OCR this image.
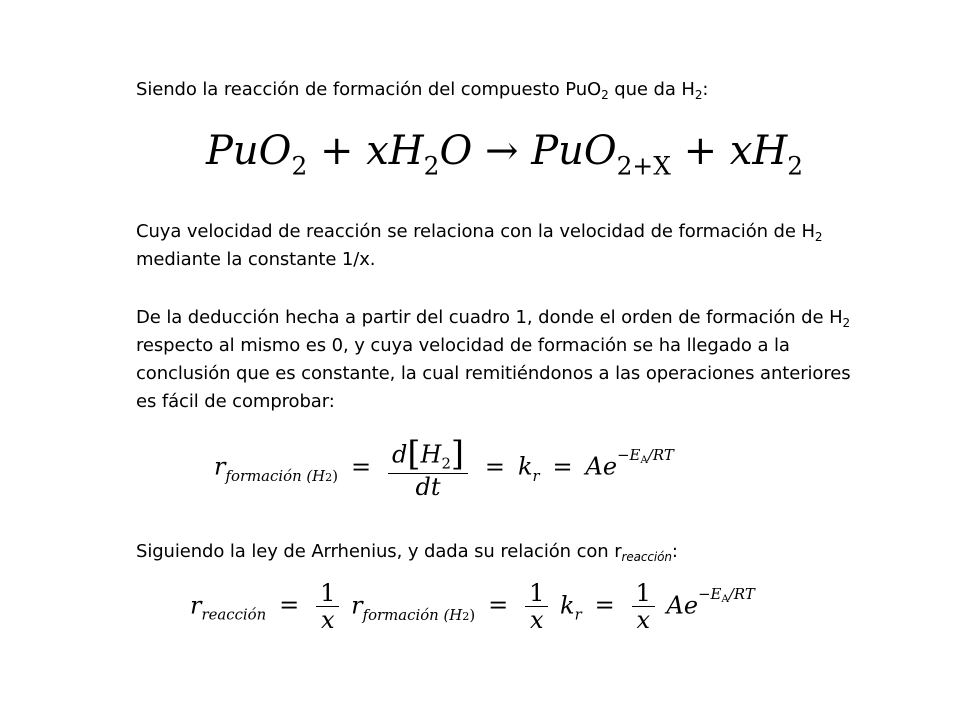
Siendo la reacción de formación del compuesto PuO$_2$ que da $H_2$:
$PuO_2 + xH_2O \to PuO_{2+X} + xH_2$
Cuya velocidad de reacción se relaciona con la velocidad de formación de $H_2$ mediante la constante 1/x.
De la deducción hecha a partir del cuadro 1, donde el orden de formación de $H_2$ respecto al mismo es 0, y cuya velocidad de formación se ha llegado a la conclusión que es constante, la cual remitiéndonos a las operaciones anteriores es fácil de comprobar:
$r_{formación (H2)} = \frac{d[H_2]}{dt} = k_r = Ae^{-E_A/RT}$
Siguiendo la ley de Arrhenius, y dada su relación con $r_{reacción}$:
$r_{reacción} = \frac{1}{x} r_{formación (H2)} = \frac{1}{x} k_r = \frac{1}{x} Ae^{-E_A/RT}$
